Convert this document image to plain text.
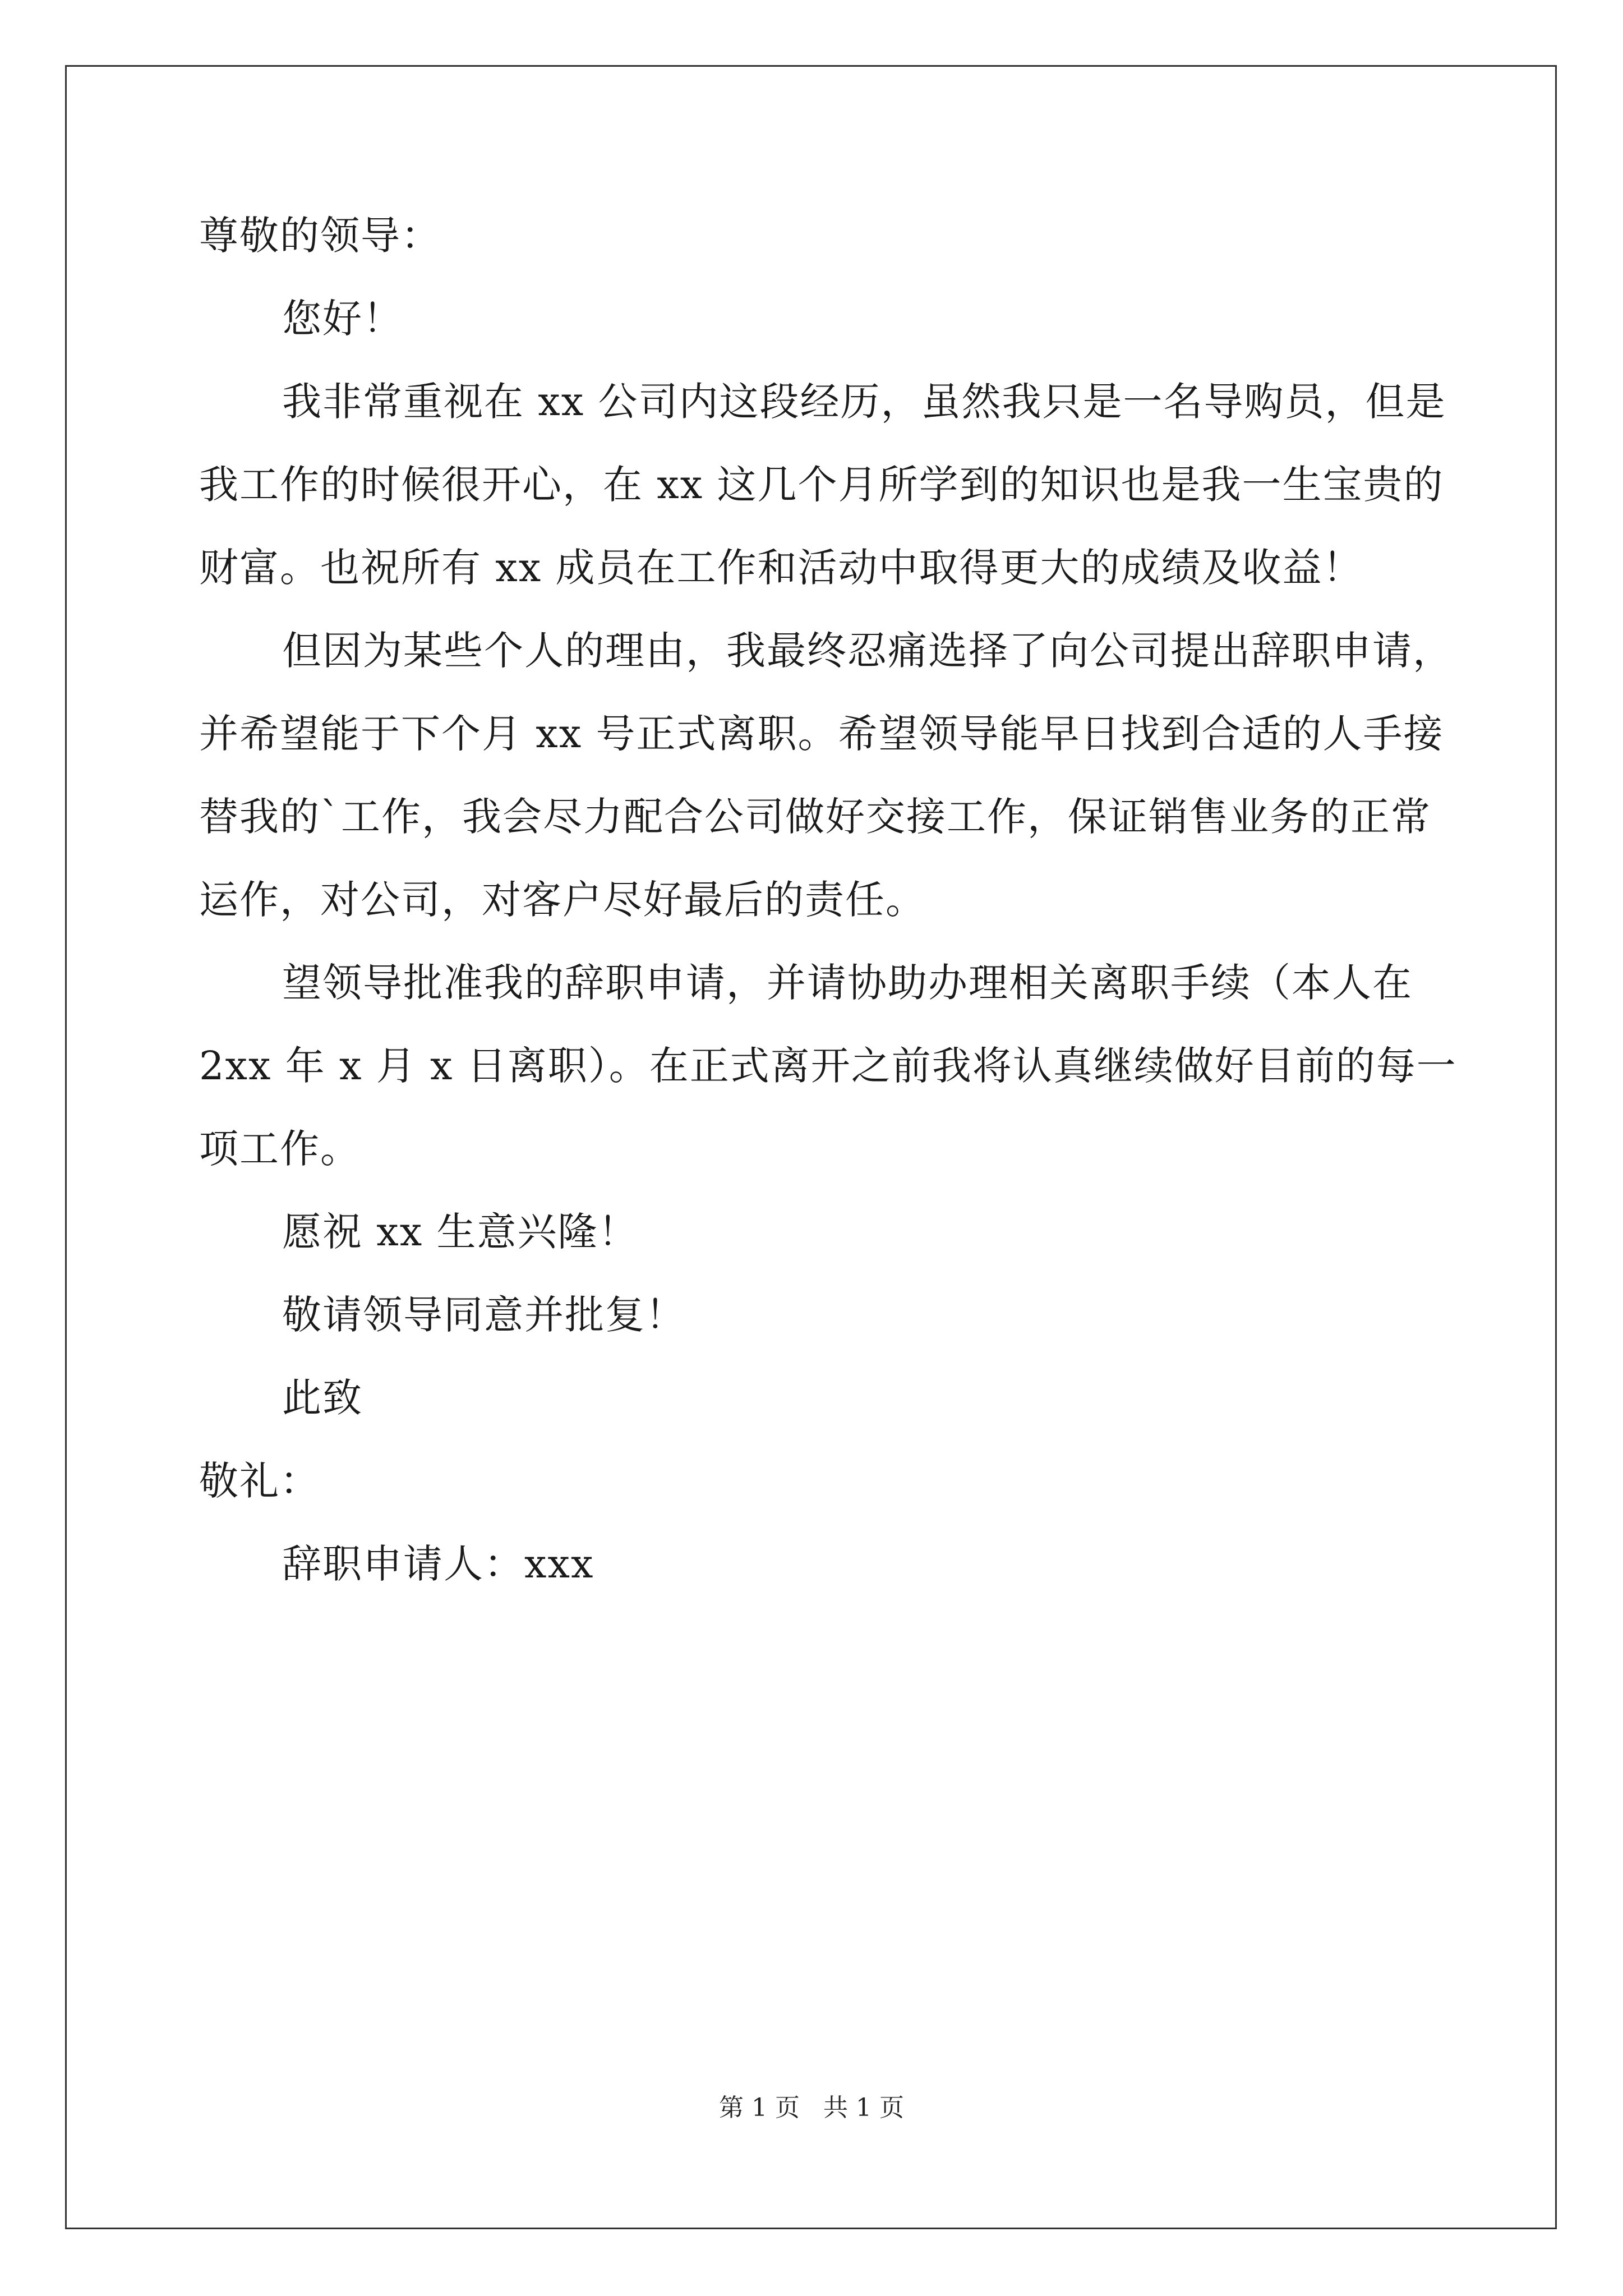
尊敬的领导：
您好！
我非常重视在 xx 公司内这段经历，虽然我只是一名导购员，但是
我工作的时候很开心，在 xx 这几个月所学到的知识也是我一生宝贵的
财富。也祝所有 xx 成员在工作和活动中取得更大的成绩及收益！
但因为某些个人的理由，我最终忍痛选择了向公司提出辞职申请，
并希望能于下个月 xx 号正式离职。希望领导能早日找到合适的人手接
替我的`工作，我会尽力配合公司做好交接工作，保证销售业务的正常
运作，对公司，对客户尽好最后的责任。
望领导批准我的辞职申请，并请协助办理相关离职手续（本人在
2xx 年 x 月 x 日离职）。在正式离开之前我将认真继续做好目前的每一
项工作。
愿祝 xx 生意兴隆！
敬请领导同意并批复！
此致
敬礼：
辞职申请人：xxx
第 1 页   共 1 页
